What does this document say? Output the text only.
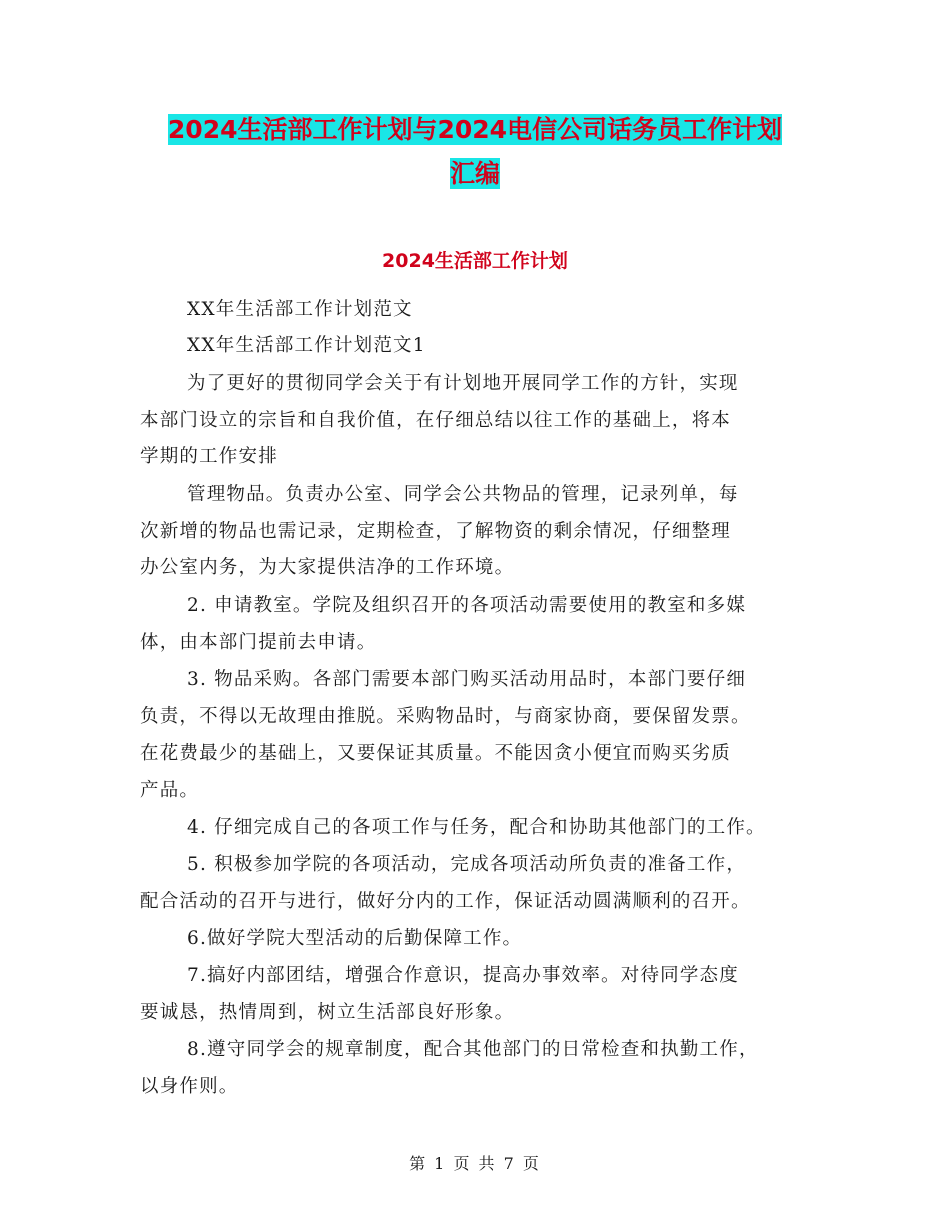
2024生活部工作计划与2024电信公司话务员工作计划
汇编
2024生活部工作计划
XX年生活部工作计划范文
XX年生活部工作计划范文1
为了更好的贯彻同学会关于有计划地开展同学工作的方针，实现
本部门设立的宗旨和自我价值，在仔细总结以往工作的基础上，将本
学期的工作安排
管理物品。负责办公室、同学会公共物品的管理，记录列单，每
次新增的物品也需记录，定期检查，了解物资的剩余情况，仔细整理
办公室内务，为大家提供洁净的工作环境。
2. 申请教室。学院及组织召开的各项活动需要使用的教室和多媒
体，由本部门提前去申请。
3. 物品采购。各部门需要本部门购买活动用品时，本部门要仔细
负责，不得以无故理由推脱。采购物品时，与商家协商，要保留发票。
在花费最少的基础上，又要保证其质量。不能因贪小便宜而购买劣质
产品。
4. 仔细完成自己的各项工作与任务，配合和协助其他部门的工作。
5. 积极参加学院的各项活动，完成各项活动所负责的准备工作，
配合活动的召开与进行，做好分内的工作，保证活动圆满顺利的召开。
6.做好学院大型活动的后勤保障工作。
7.搞好内部团结，增强合作意识，提高办事效率。对待同学态度
要诚恳，热情周到，树立生活部良好形象。
8.遵守同学会的规章制度，配合其他部门的日常检查和执勤工作，
以身作则。
第 1 页 共 7 页
